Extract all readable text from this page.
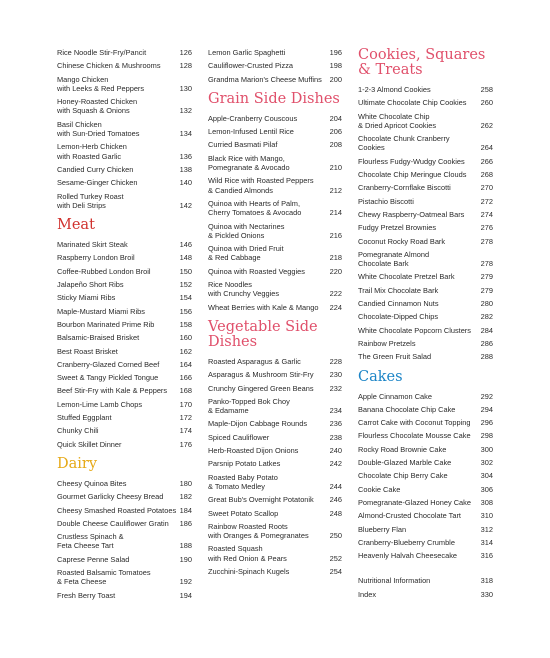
Rice Noodle Stir-Fry/Pancit	126
Chinese Chicken & Mushrooms	128
Mango Chicken
with Leeks & Red Peppers	130
Honey-Roasted Chicken
with Squash & Onions	132
Basil Chicken
with Sun-Dried Tomatoes	134
Lemon-Herb Chicken
with Roasted Garlic	136
Candied Curry Chicken	138
Sesame-Ginger Chicken	140
Rolled Turkey Roast
with Deli Strips	142
Meat
Marinated Skirt Steak	146
Raspberry London Broil	148
Coffee-Rubbed London Broil	150
Jalapeño Short Ribs	152
Sticky Miami Ribs	154
Maple-Mustard Miami Ribs	156
Bourbon Marinated Prime Rib	158
Balsamic-Braised Brisket	160
Best Roast Brisket	162
Cranberry-Glazed Corned Beef	164
Sweet & Tangy Pickled Tongue	166
Beef Stir-Fry with Kale & Peppers	168
Lemon-Lime Lamb Chops	170
Stuffed Eggplant	172
Chunky Chili	174
Quick Skillet Dinner	176
Dairy
Cheesy Quinoa Bites	180
Gourmet Garlicky Cheesy Bread	182
Cheesy Smashed Roasted Potatoes 184
Double Cheese Cauliflower Gratin	186
Crustless Spinach &
Feta Cheese Tart	188
Caprese Penne Salad	190
Roasted Balsamic Tomatoes
& Feta Cheese	192
Fresh Berry Toast	194
Lemon Garlic Spaghetti	196
Cauliflower-Crusted Pizza	198
Grandma Marion's Cheese Muffins	200
Grain Side Dishes
Apple-Cranberry Couscous	204
Lemon-Infused Lentil Rice	206
Curried Basmati Pilaf	208
Black Rice with Mango,
Pomegranate & Avocado	210
Wild Rice with Roasted Peppers
& Candied Almonds	212
Quinoa with Hearts of Palm,
Cherry Tomatoes & Avocado	214
Quinoa with Nectarines
& Pickled Onions	216
Quinoa with Dried Fruit
& Red Cabbage	218
Quinoa with Roasted Veggies	220
Rice Noodles
with Crunchy Veggies	222
Wheat Berries with Kale & Mango	224
Vegetable Side
Dishes
Roasted Asparagus & Garlic	228
Asparagus & Mushroom Stir-Fry	230
Crunchy Gingered Green Beans	232
Panko-Topped Bok Choy
& Edamame	234
Maple-Dijon Cabbage Rounds	236
Spiced Cauliflower	238
Herb-Roasted Dijon Onions	240
Parsnip Potato Latkes	242
Roasted Baby Potato
& Tomato Medley	244
Great Bub's Overnight Potatonik	246
Sweet Potato Scallop	248
Rainbow Roasted Roots
with Oranges & Pomegranates	250
Roasted Squash
with Red Onion & Pears	252
Zucchini-Spinach Kugels	254
Cookies, Squares
& Treats
1-2-3 Almond Cookies	258
Ultimate Chocolate Chip Cookies	260
White Chocolate Chip
& Dried Apricot Cookies	262
Chocolate Chunk Cranberry Cookies	264
Flourless Fudgy-Wudgy Cookies	266
Chocolate Chip Meringue Clouds	268
Cranberry-Cornflake Biscotti	270
Pistachio Biscotti	272
Chewy Raspberry-Oatmeal Bars	274
Fudgy Pretzel Brownies	276
Coconut Rocky Road Bark	278
Pomegranate Almond
Chocolate Bark	278
White Chocolate Pretzel Bark	279
Trail Mix Chocolate Bark	279
Candied Cinnamon Nuts	280
Chocolate-Dipped Chips	282
White Chocolate Popcorn Clusters	284
Rainbow Pretzels	286
The Green Fruit Salad	288
Cakes
Apple Cinnamon Cake	292
Banana Chocolate Chip Cake	294
Carrot Cake with Coconut Topping	296
Flourless Chocolate Mousse Cake	298
Rocky Road Brownie Cake	300
Double-Glazed Marble Cake	302
Chocolate Chip Berry Cake	304
Cookie Cake	306
Pomegranate-Glazed Honey Cake	308
Almond-Crusted Chocolate Tart	310
Blueberry Flan	312
Cranberry-Blueberry Crumble	314
Heavenly Halvah Cheesecake	316
Nutritional Information	318
Index	330
